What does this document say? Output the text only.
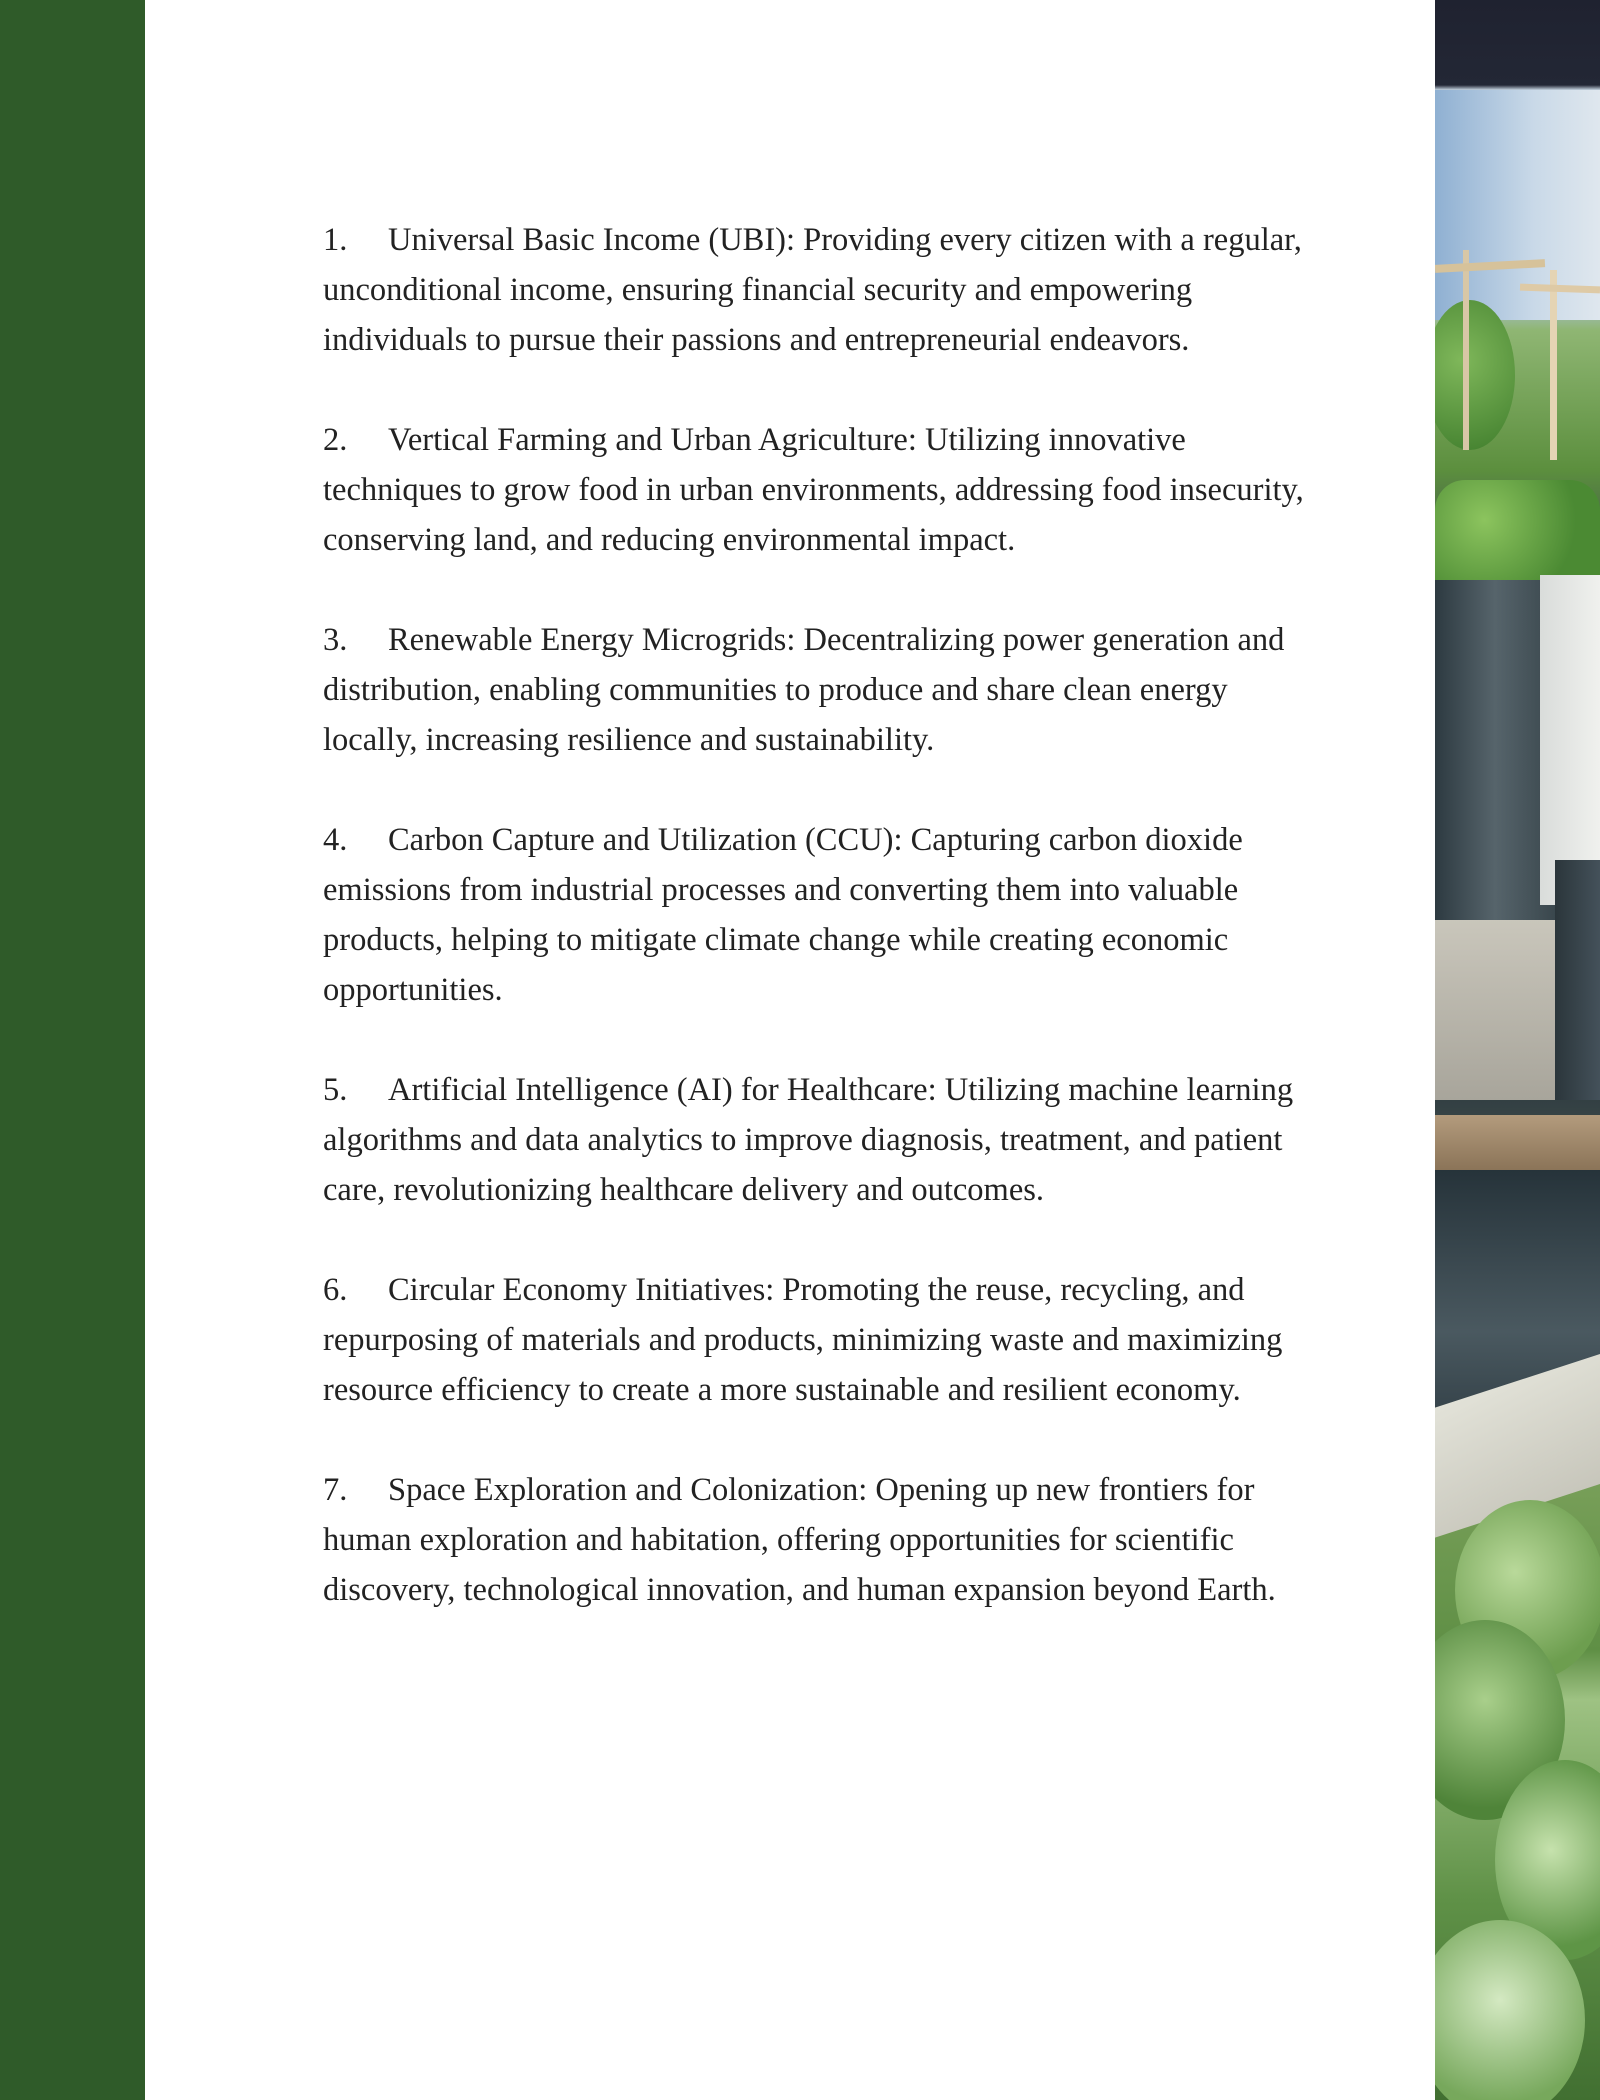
1. Universal Basic Income (UBI): Providing every citizen with a regular, unconditional income, ensuring financial security and empowering individuals to pursue their passions and entrepreneurial endeavors.
2. Vertical Farming and Urban Agriculture: Utilizing innovative techniques to grow food in urban environments, addressing food insecurity, conserving land, and reducing environmental impact.
3. Renewable Energy Microgrids: Decentralizing power generation and distribution, enabling communities to produce and share clean energy locally, increasing resilience and sustainability.
4. Carbon Capture and Utilization (CCU): Capturing carbon dioxide emissions from industrial processes and converting them into valuable products, helping to mitigate climate change while creating economic opportunities.
5. Artificial Intelligence (AI) for Healthcare: Utilizing machine learning algorithms and data analytics to improve diagnosis, treatment, and patient care, revolutionizing healthcare delivery and outcomes.
6. Circular Economy Initiatives: Promoting the reuse, recycling, and repurposing of materials and products, minimizing waste and maximizing resource efficiency to create a more sustainable and resilient economy.
7. Space Exploration and Colonization: Opening up new frontiers for human exploration and habitation, offering opportunities for scientific discovery, technological innovation, and human expansion beyond Earth.
